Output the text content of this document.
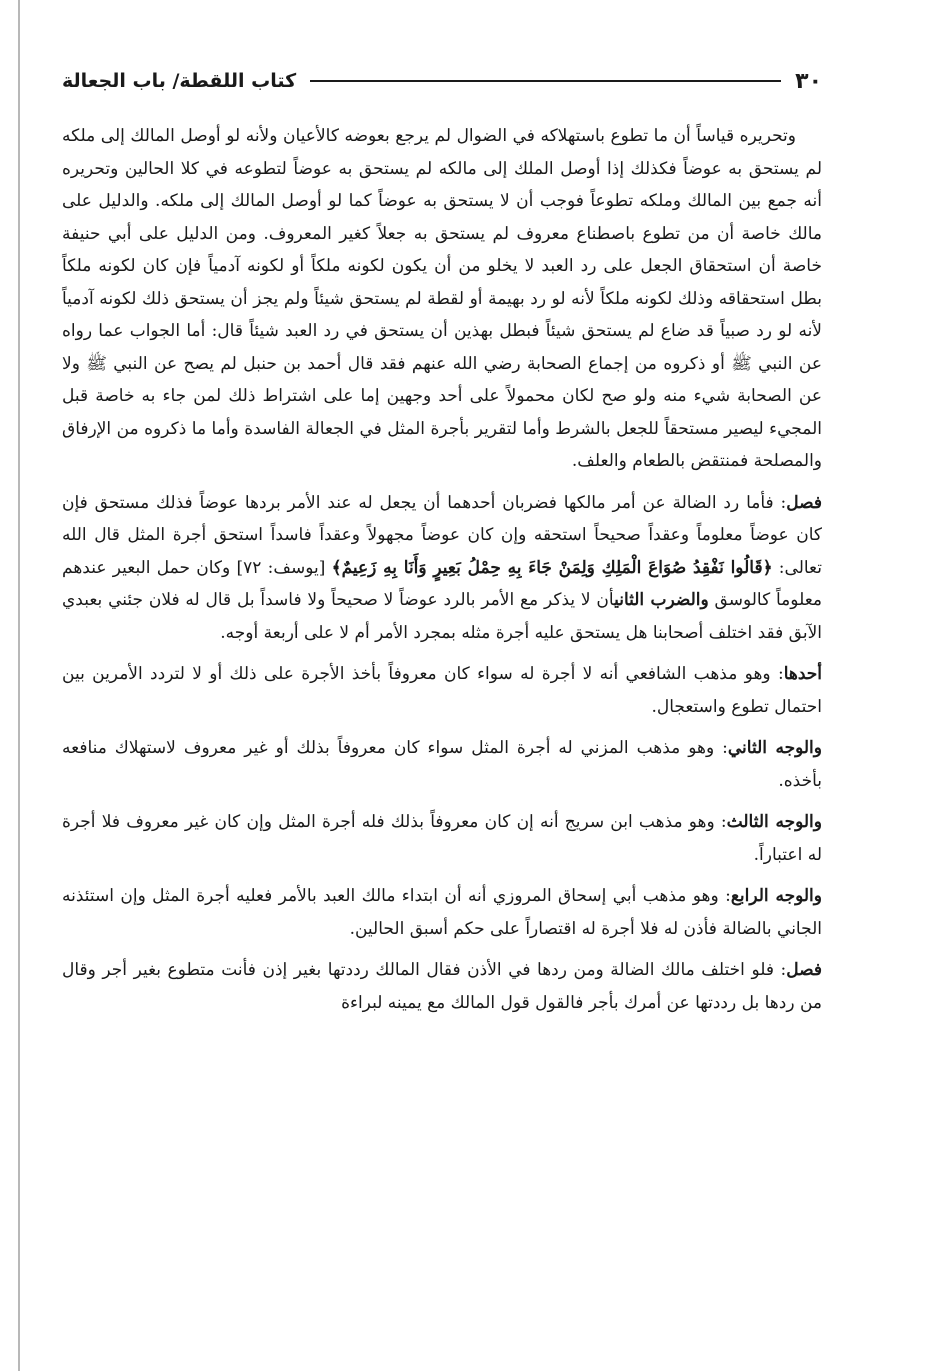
٣٠
كتاب اللقطة/ باب الجعالة

وتحريره قياساً أن ما تطوع باستهلاكه في الضوال لم يرجع بعوضه كالأعيان ولأنه لو أوصل المالك إلى ملكه لم يستحق به عوضاً فكذلك إذا أوصل الملك إلى مالكه لم يستحق به عوضاً لتطوعه في كلا الحالين وتحريره أنه جمع بين المالك وملكه تطوعاً فوجب أن لا يستحق به عوضاً كما لو أوصل المالك إلى ملكه. والدليل على مالك خاصة أن من تطوع باصطناع معروف لم يستحق به جعلاً كغير المعروف. ومن الدليل على أبي حنيفة خاصة أن استحقاق الجعل على رد العبد لا يخلو من أن يكون لكونه ملكاً أو لكونه آدمياً فإن كان لكونه ملكاً بطل استحقاقه وذلك لكونه ملكاً لأنه لو رد بهيمة أو لقطة لم يستحق شيئاً ولم يجز أن يستحق ذلك لكونه آدمياً لأنه لو رد صبياً قد ضاع لم يستحق شيئاً فبطل بهذين أن يستحق في رد العبد شيئاً قال: أما الجواب عما رواه عن النبي ﷺ أو ذكروه من إجماع الصحابة رضي الله عنهم فقد قال أحمد بن حنبل لم يصح عن النبي ﷺ ولا عن الصحابة شيء منه ولو صح لكان محمولاً على أحد وجهين إما على اشتراط ذلك لمن جاء به خاصة قبل المجيء ليصير مستحقاً للجعل بالشرط وأما لتقرير بأجرة المثل في الجعالة الفاسدة وأما ما ذكروه من الإرفاق والمصلحة فمنتقض بالطعام والعلف.

فصل: فأما رد الضالة عن أمر مالكها فضربان أحدهما أن يجعل له عند الأمر بردها عوضاً فذلك مستحق فإن كان عوضاً معلوماً وعقداً صحيحاً استحقه وإن كان عوضاً مجهولاً وعقداً فاسداً استحق أجرة المثل قال الله تعالى: ﴿قَالُوا نَفْقِدُ صُوَاعَ الْمَلِكِ وَلِمَنْ جَاءَ بِهِ حِمْلُ بَعِيرٍ وَأَنَا بِهِ زَعِيمٌ﴾ [يوسف: ٧٢] وكان حمل البعير عندهم معلوماً كالوسق والضرب الثانيأن لا يذكر مع الأمر بالرد عوضاً لا صحيحاً ولا فاسداً بل قال له فلان جئني بعبدي الآبق فقد اختلف أصحابنا هل يستحق عليه أجرة مثله بمجرد الأمر أم لا على أربعة أوجه.

أحدها: وهو مذهب الشافعي أنه لا أجرة له سواء كان معروفاً بأخذ الأجرة على ذلك أو لا لتردد الأمرين بين احتمال تطوع واستعجال.

والوجه الثاني: وهو مذهب المزني له أجرة المثل سواء كان معروفاً بذلك أو غير معروف لاستهلاك منافعه بأخذه.

والوجه الثالث: وهو مذهب ابن سريج أنه إن كان معروفاً بذلك فله أجرة المثل وإن كان غير معروف فلا أجرة له اعتباراً.

والوجه الرابع: وهو مذهب أبي إسحاق المروزي أنه أن ابتداء مالك العبد بالأمر فعليه أجرة المثل وإن استئذنه الجاني بالضالة فأذن له فلا أجرة له اقتصاراً على حكم أسبق الحالين.

فصل: فلو اختلف مالك الضالة ومن ردها في الأذن فقال المالك رددتها بغير إذن فأنت متطوع بغير أجر وقال من ردها بل رددتها عن أمرك بأجر فالقول قول المالك مع يمينه لبراءة
